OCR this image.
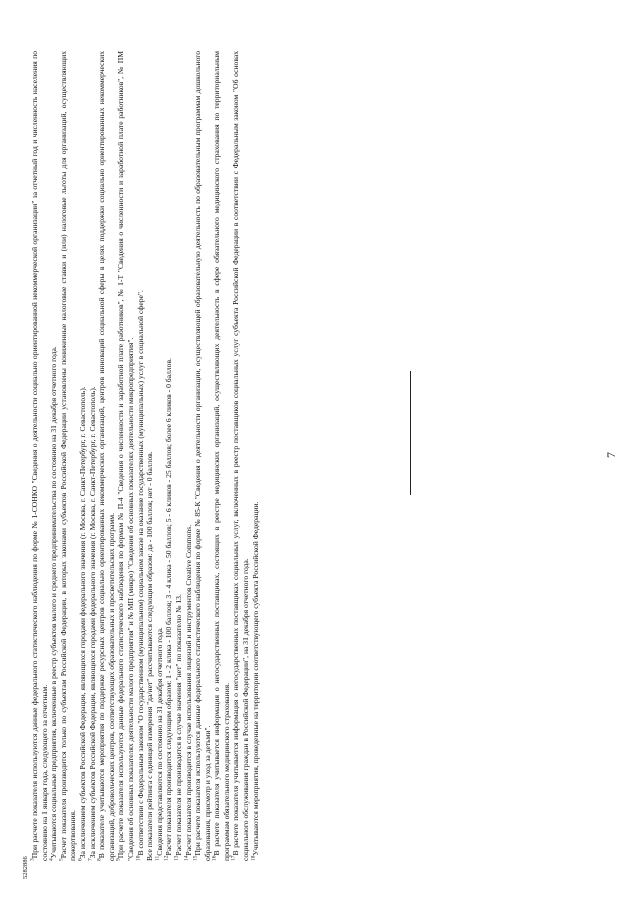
5282886 $^3$При расчете показателя используются данные федерального статистического наблюдения по форме № 1-СОНКО "Сведения о деятельности социально ориентированной некоммерческой организации" за отчетный год и численность населения по состоянию на 1 января года, следующего за отчетным. $^4$Учитываются социальные предприятия, включенные в реестр субъектов малого и среднего предпринимательства по состоянию на 31 декабря отчетного года.

$^5$Расчет показателя производится только по субъектам Российской Федерации, в которых законами субъектов Российской Федерации установлены пониженные налоговые ставки и (или) налоговые льготы для организаций, осуществляющих пожертвования. $^6$За исключением субъектов Российской Федерации, являющихся городами федерального значения (г. Москва, г. Санкт-Петербург, г. Севастополь).

$^7$За исключением субъектов Российской Федерации, являющихся городами федерального значения (г. Москва, г. Санкт-Петербург, г. Севастополь).

$^8$В показателе учитываются мероприятия по поддержке ресурсных центров социально ориентированных некоммерческих организаций, центров инноваций социальной сферы в целях поддержки социально ориентированных некоммерческих организаций, добровольческих центров, соответствующих образовательных и просветительских программ. $^9$При расчете показателя используются данные федерального статистического наблюдения по формам № П-4 "Сведения о численности и заработной плате работников", № 1-Т "Сведения о численности и заработной плате работников", № ПМ "Сведения об основных показателях деятельности малого предприятия" и № МП (микро) "Сведения об основных показателях деятельности микропредприятия". $^{10}$В соответствии с Федеральным законом "О государственном (муниципальном) социальном заказе на оказание государственных (муниципальных) услуг в социальной сфере". Все показатели рейтинга с единицей измерения "да/нет" рассчитываются следующим образом: да - 100 баллов; нет - 0 баллов. $^{11}$Сведения представляются по состоянию на 31 декабря отчетного года.

$^{12}$Расчет показателя производится следующим образом: 1 - 2 клика - 100 баллов; 3 - 4 клика - 50 баллов; 5 - 6 кликов - 25 баллов; более 6 кликов - 0 баллов.

$^{13}$Расчет показателя не производится в случае значения "нет" по показателю № 13.

$^{14}$Расчет показателя производится в случае использования лицензий и инструментов Creative Commons.

$^{15}$При расчете показателя используются данные федерального статистического наблюдения по форме № 85-К "Сведения о деятельности организации, осуществляющей образовательную деятельность по образовательным программам дошкольного образования, присмотр и уход за детьми". $^{16}$В расчете показателя учитывается информация о негосударственных поставщиках, состоящих в реестре медицинских организаций, осуществляющих деятельность в сфере обязательного медицинского страхования по территориальным программам обязательного медицинского страхования. $^{17}$В расчете показателя учитывается информация о негосударственных поставщиках социальных услуг, включенных в реестр поставщиков социальных услуг субъекта Российской Федерации в соответствии с Федеральным законом "Об основах социального обслуживания граждан в Российской Федерации", на 31 декабря отчетного года. $^{18}$Учитываются мероприятия, проведенные на территории соответствующего субъекта Российской Федерации.

7
